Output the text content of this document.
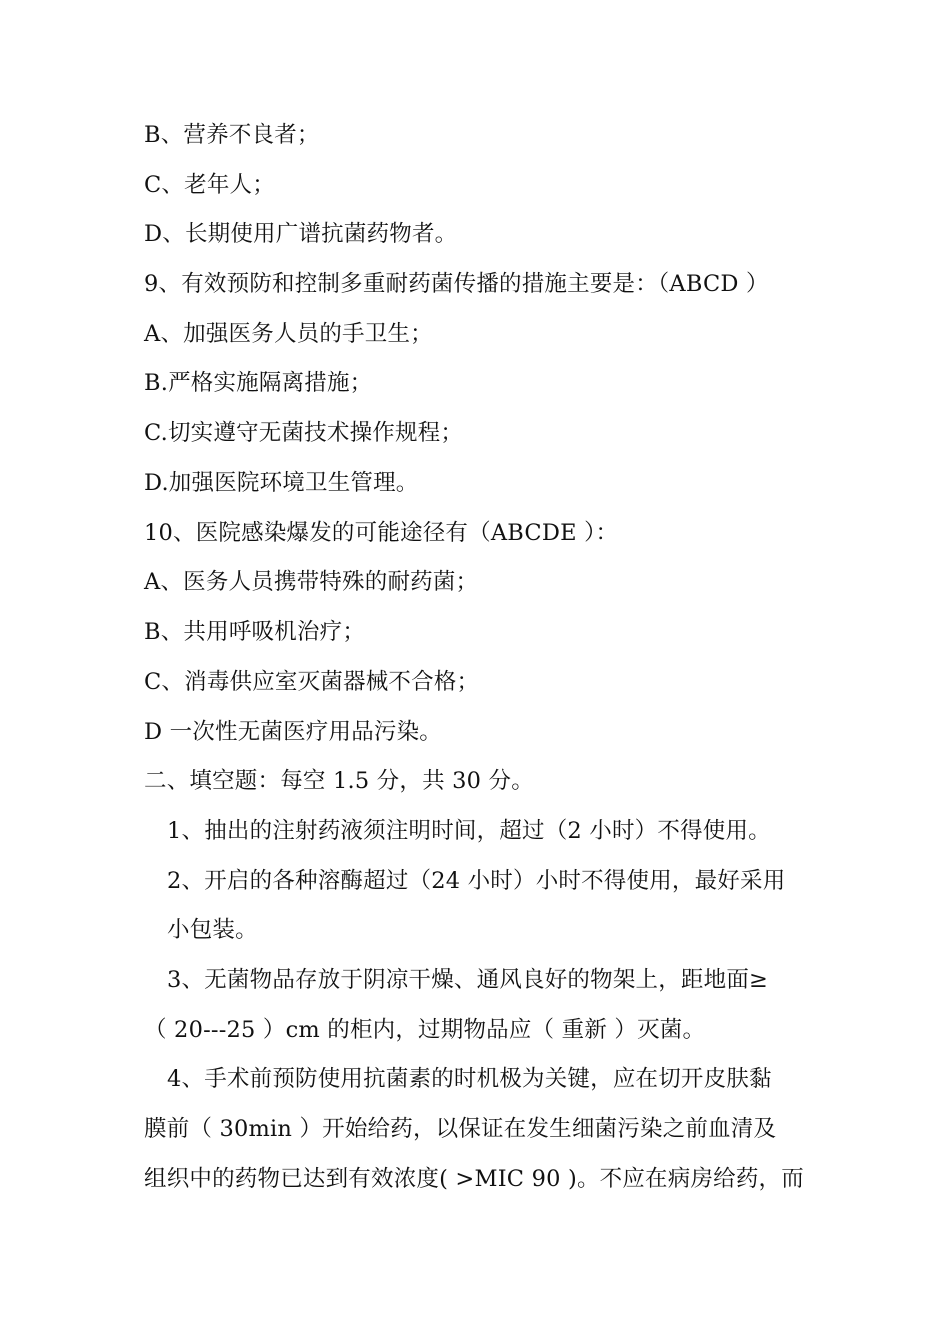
B、营养不良者；
C、老年人；
D、长期使用广谱抗菌药物者。
9、有效预防和控制多重耐药菌传播的措施主要是：（ABCD ）
A、加强医务人员的手卫生；
B.严格实施隔离措施；
C.切实遵守无菌技术操作规程；
D.加强医院环境卫生管理。
10、医院感染爆发的可能途径有（ABCDE ）：
A、医务人员携带特殊的耐药菌；
B、共用呼吸机治疗；
C、消毒供应室灭菌器械不合格；
D 一次性无菌医疗用品污染。
二、填空题：每空 1.5 分，共 30 分。
1、抽出的注射药液须注明时间，超过（2 小时）不得使用。
2、开启的各种溶酶超过（24 小时）小时不得使用，最好采用
小包装。
3、无菌物品存放于阴凉干燥、通风良好的物架上，距地面≥
（ 20---25 ）cm 的柜内，过期物品应（ 重新 ）灭菌。
4、手术前预防使用抗菌素的时机极为关键，应在切开皮肤黏
膜前（ 30min ）开始给药，以保证在发生细菌污染之前血清及
组织中的药物已达到有效浓度( >MIC 90 )。不应在病房给药，而
